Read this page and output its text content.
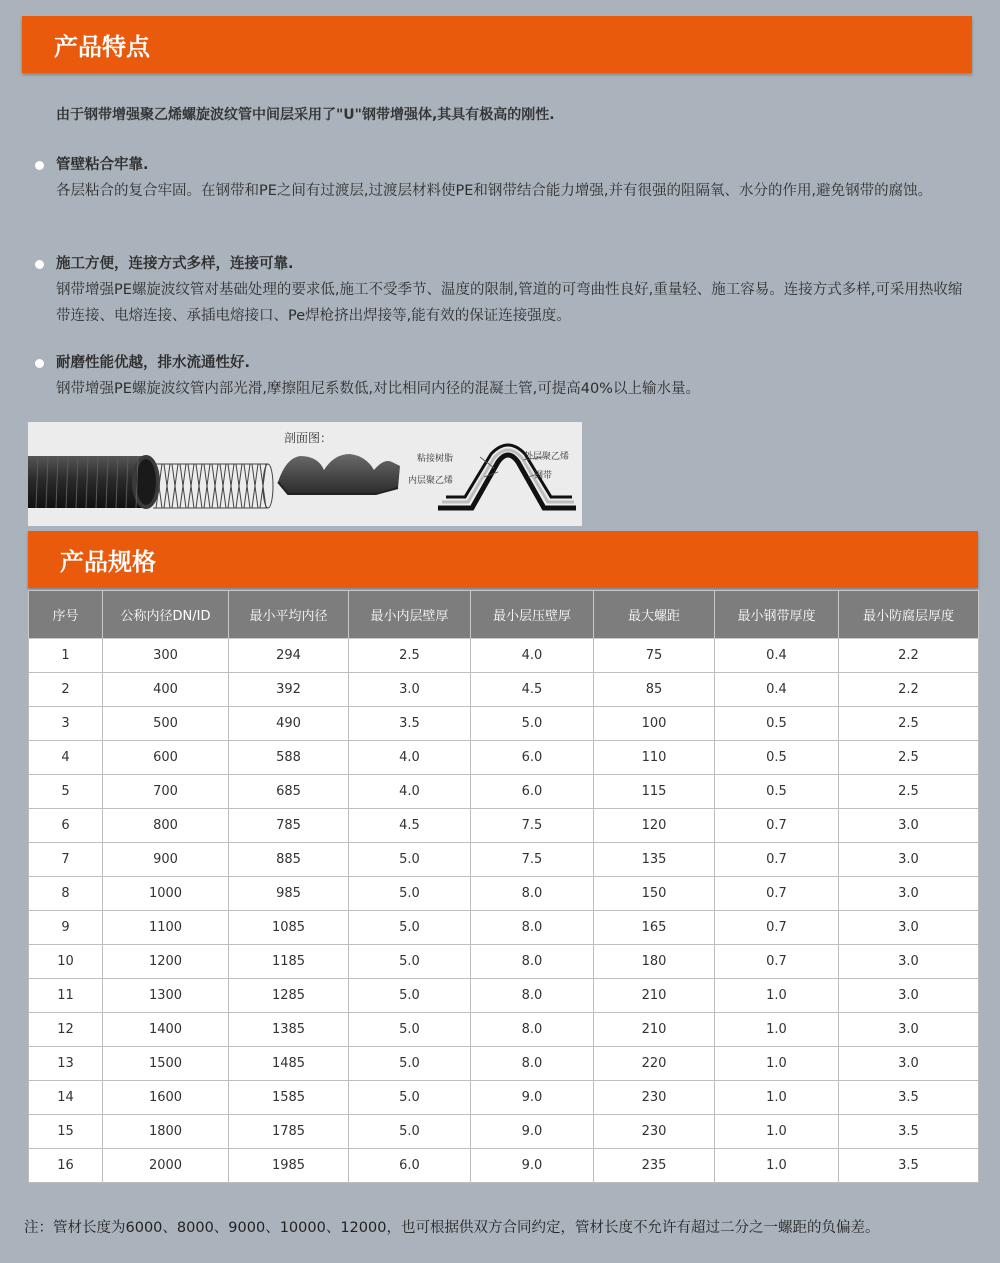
产品特点
由于钢带增强聚乙烯螺旋波纹管中间层采用了"U"钢带增强体,其具有极高的刚性.
管壁粘合牢靠.
各层粘合的复合牢固。在钢带和PE之间有过渡层,过渡层材料使PE和钢带结合能力增强,并有很强的阻隔氧、水分的作用,避免钢带的腐蚀。
施工方便，连接方式多样，连接可靠.
钢带增强PE螺旋波纹管对基础处理的要求低,施工不受季节、温度的限制,管道的可弯曲性良好,重量轻、施工容易。连接方式多样,可采用热收缩带连接、电熔连接、承插电熔接口、Pe焊枪挤出焊接等,能有效的保证连接强度。
耐磨性能优越，排水流通性好.
钢带增强PE螺旋波纹管内部光滑,摩擦阻尼系数低,对比相同内径的混凝土管,可提高40%以上输水量。
剖面图：
粘接树脂
内层聚乙烯
外层聚乙烯
钢带
产品规格
序号	公称内径DN/ID	最小平均内径	最小内层壁厚	最小层压壁厚	最大螺距	最小钢带厚度	最小防腐层厚度
1	300	294	2.5	4.0	75	0.4	2.2
2	400	392	3.0	4.5	85	0.4	2.2
3	500	490	3.5	5.0	100	0.5	2.5
4	600	588	4.0	6.0	110	0.5	2.5
5	700	685	4.0	6.0	115	0.5	2.5
6	800	785	4.5	7.5	120	0.7	3.0
7	900	885	5.0	7.5	135	0.7	3.0
8	1000	985	5.0	8.0	150	0.7	3.0
9	1100	1085	5.0	8.0	165	0.7	3.0
10	1200	1185	5.0	8.0	180	0.7	3.0
11	1300	1285	5.0	8.0	210	1.0	3.0
12	1400	1385	5.0	8.0	210	1.0	3.0
13	1500	1485	5.0	8.0	220	1.0	3.0
14	1600	1585	5.0	9.0	230	1.0	3.5
15	1800	1785	5.0	9.0	230	1.0	3.5
16	2000	1985	6.0	9.0	235	1.0	3.5
注：管材长度为6000、8000、9000、10000、12000，也可根据供双方合同约定，管材长度不允许有超过二分之一螺距的负偏差。
